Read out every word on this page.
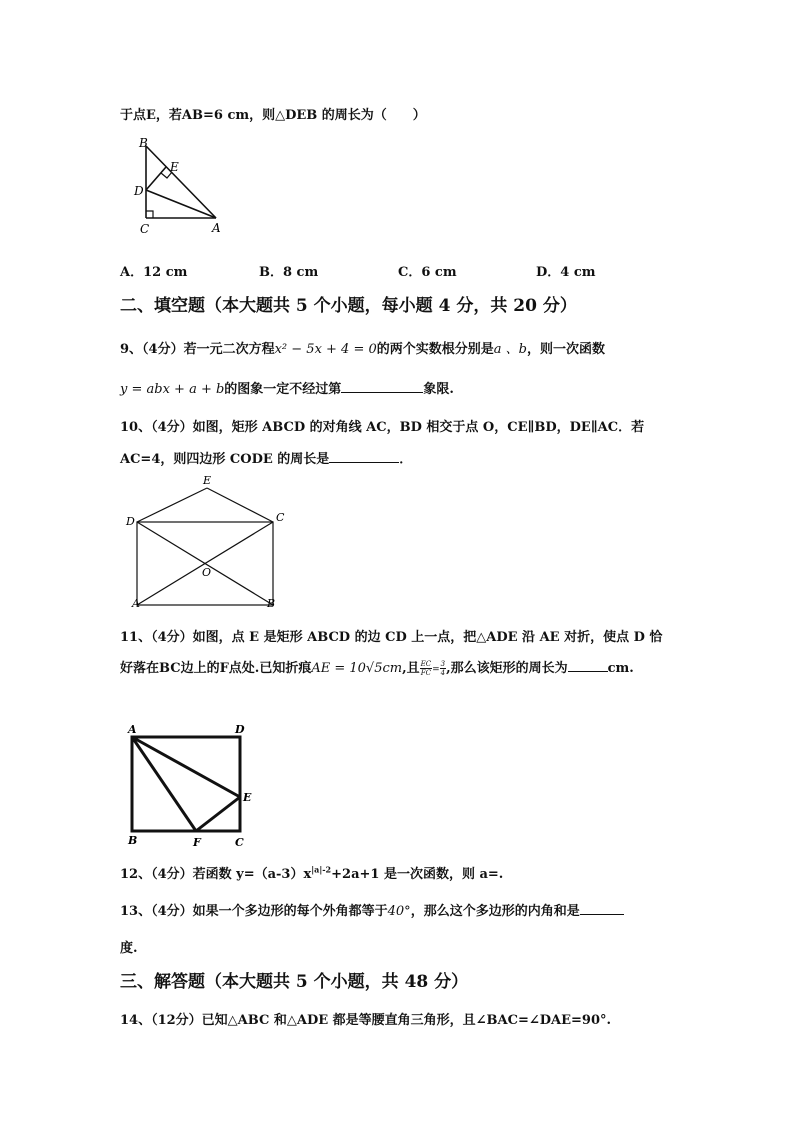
于点E，若AB=6 cm，则△DEB 的周长为（　　）
B
E
D
C	A
A．12 cm	B．8 cm	C．6 cm	D．4 cm
二、填空题（本大题共 5 个小题，每小题 4 分，共 20 分）
9、（4分）若一元二次方程x² − 5x + 4 = 0的两个实数根分别是a 、b，则一次函数
y = abx + a + b的图象一定不经过第	象限.
10、（4分）如图，矩形 ABCD 的对角线 AC，BD 相交于点 O，CE∥BD，DE∥AC．若
AC=4，则四边形 CODE 的周长是	．
E
D	C
O
A	B
11、（4分）如图，点 E 是矩形 ABCD 的边 CD 上一点，把△ADE 沿 AE 对折，使点 D 恰
好落在BC边上的F点处.已知折痕AE = 10√5cm,且 $\frac{EC}{FC} = \frac{3}{4}$ ,那么该矩形的周长为	cm.
A	D
E
B	F	C
12、（4分）若函数 $y=(a-3)x^{|a|-2}+2a+1$ 是一次函数，则 a=.
13、（4分）如果一个多边形的每个外角都等于40°，那么这个多边形的内角和是
度.
三、解答题（本大题共 5 个小题，共 48 分）
14、（12分）已知△ABC 和△ADE 都是等腰直角三角形，且∠BAC=∠DAE=90°.
